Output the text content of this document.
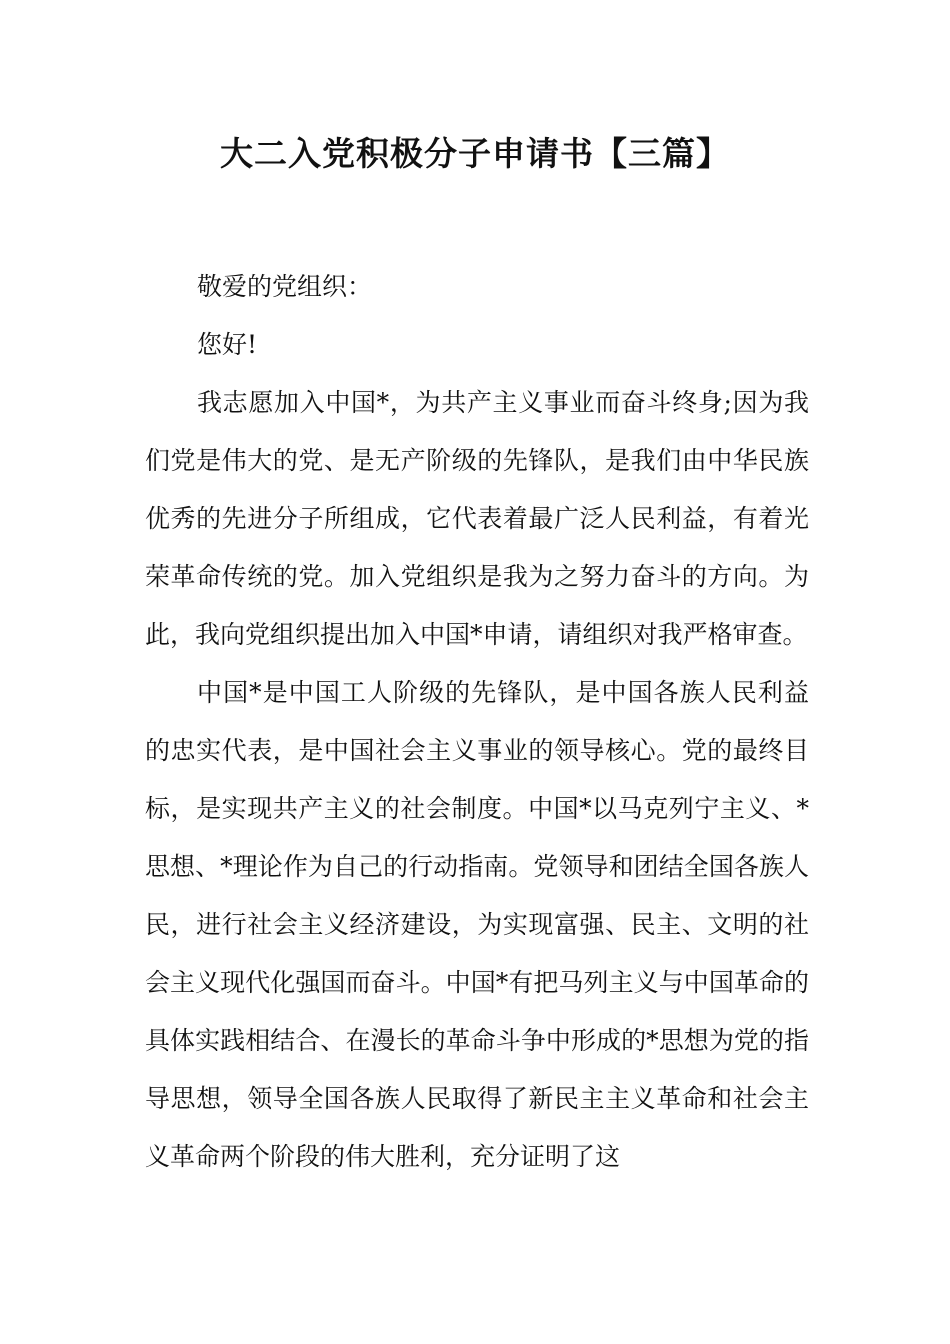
大二入党积极分子申请书【三篇】

敬爱的党组织：

您好!

我志愿加入中国*，为共产主义事业而奋斗终身;因为我们党是伟大的党、是无产阶级的先锋队，是我们由中华民族优秀的先进分子所组成，它代表着最广泛人民利益，有着光荣革命传统的党。加入党组织是我为之努力奋斗的方向。为此，我向党组织提出加入中国*申请，请组织对我严格审查。

中国*是中国工人阶级的先锋队，是中国各族人民利益的忠实代表，是中国社会主义事业的领导核心。党的最终目标，是实现共产主义的社会制度。中国*以马克列宁主义、*思想、*理论作为自己的行动指南。党领导和团结全国各族人民，进行社会主义经济建设，为实现富强、民主、文明的社会主义现代化强国而奋斗。中国*有把马列主义与中国革命的具体实践相结合、在漫长的革命斗争中形成的*思想为党的指导思想，领导全国各族人民取得了新民主主义革命和社会主义革命两个阶段的伟大胜利，充分证明了这
